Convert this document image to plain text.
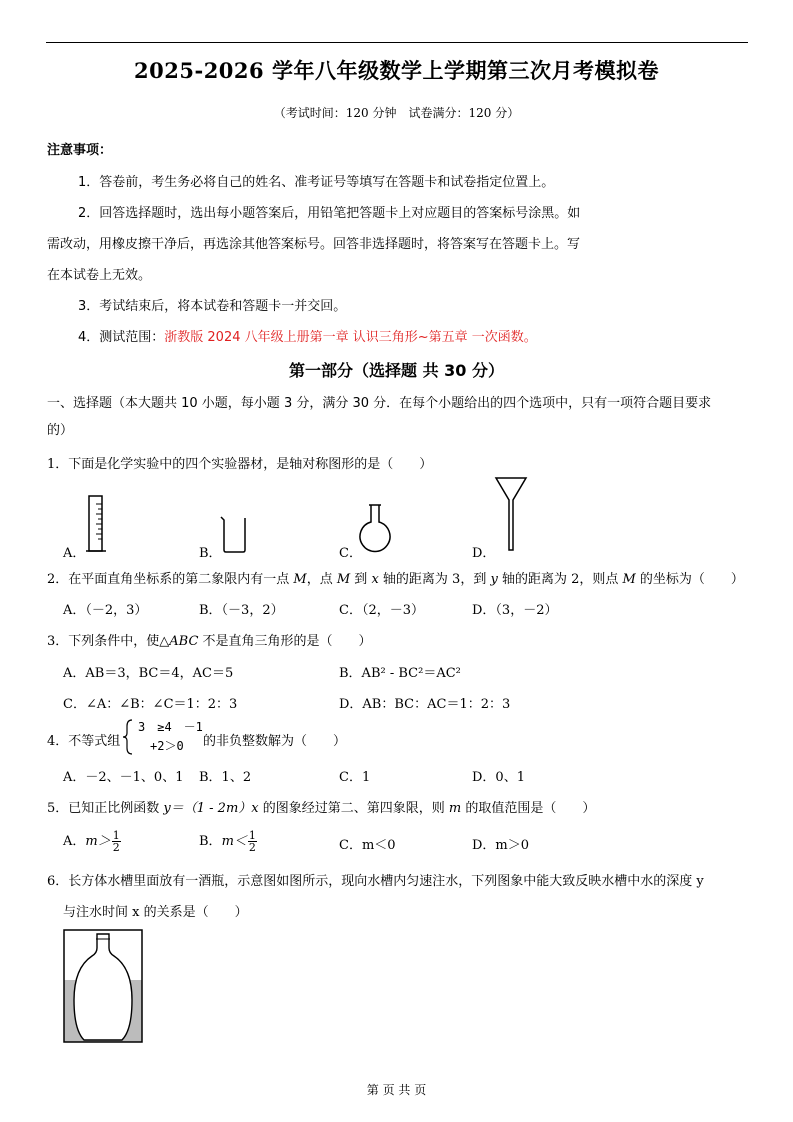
2025-2026 学年八年级数学上学期第三次月考模拟卷
（考试时间：120 分钟　试卷满分：120 分）
注意事项：
1．答卷前，考生务必将自己的姓名、准考证号等填写在答题卡和试卷指定位置上。
2．回答选择题时，选出每小题答案后，用铅笔把答题卡上对应题目的答案标号涂黑。如
需改动，用橡皮擦干净后，再选涂其他答案标号。回答非选择题时，将答案写在答题卡上。写
在本试卷上无效。
3．考试结束后，将本试卷和答题卡一并交回。
4．测试范围：浙教版 2024 八年级上册第一章 认识三角形~第五章 一次函数。
第一部分（选择题 共 30 分）
一、选择题（本大题共 10 小题，每小题 3 分，满分 30 分．在每个小题给出的四个选项中，只有一项符合题目要求
的）
1．下面是化学实验中的四个实验器材，是轴对称图形的是（　　）
A．	B．	C．	D．
2．在平面直角坐标系的第二象限内有一点 M，点 M 到 x 轴的距离为 3，到 y 轴的距离为 2，则点 M 的坐标为（　　）
A．（－2，3）	B．（－3，2）	C．（2，－3）	D．（3，－2）
3．下列条件中，使△ABC 不是直角三角形的是（　　）
A．AB＝3，BC＝4，AC＝5	B．AB² - BC²＝AC²
C．∠A：∠B：∠C＝1：2：3	D．AB：BC：AC＝1：2：3
4．不等式组
3　≥4　－1
　+2＞0 的非负整数解为（　　）
A．－2、－1、0、1 B．1、2	C．1	D．0、1
5．已知正比例函数 y＝（1 - 2m）x 的图象经过第二、第四象限，则 m 的取值范围是（　　）
A．$m> \frac{1}{2}$	B．$m< \frac{1}{2}$	C．m＜0	D．m＞0
6．长方体水槽里面放有一酒瓶，示意图如图所示，现向水槽内匀速注水，下列图象中能大致反映水槽中水的深度 y
与注水时间 x 的关系是（　　）
第 页 共 页
